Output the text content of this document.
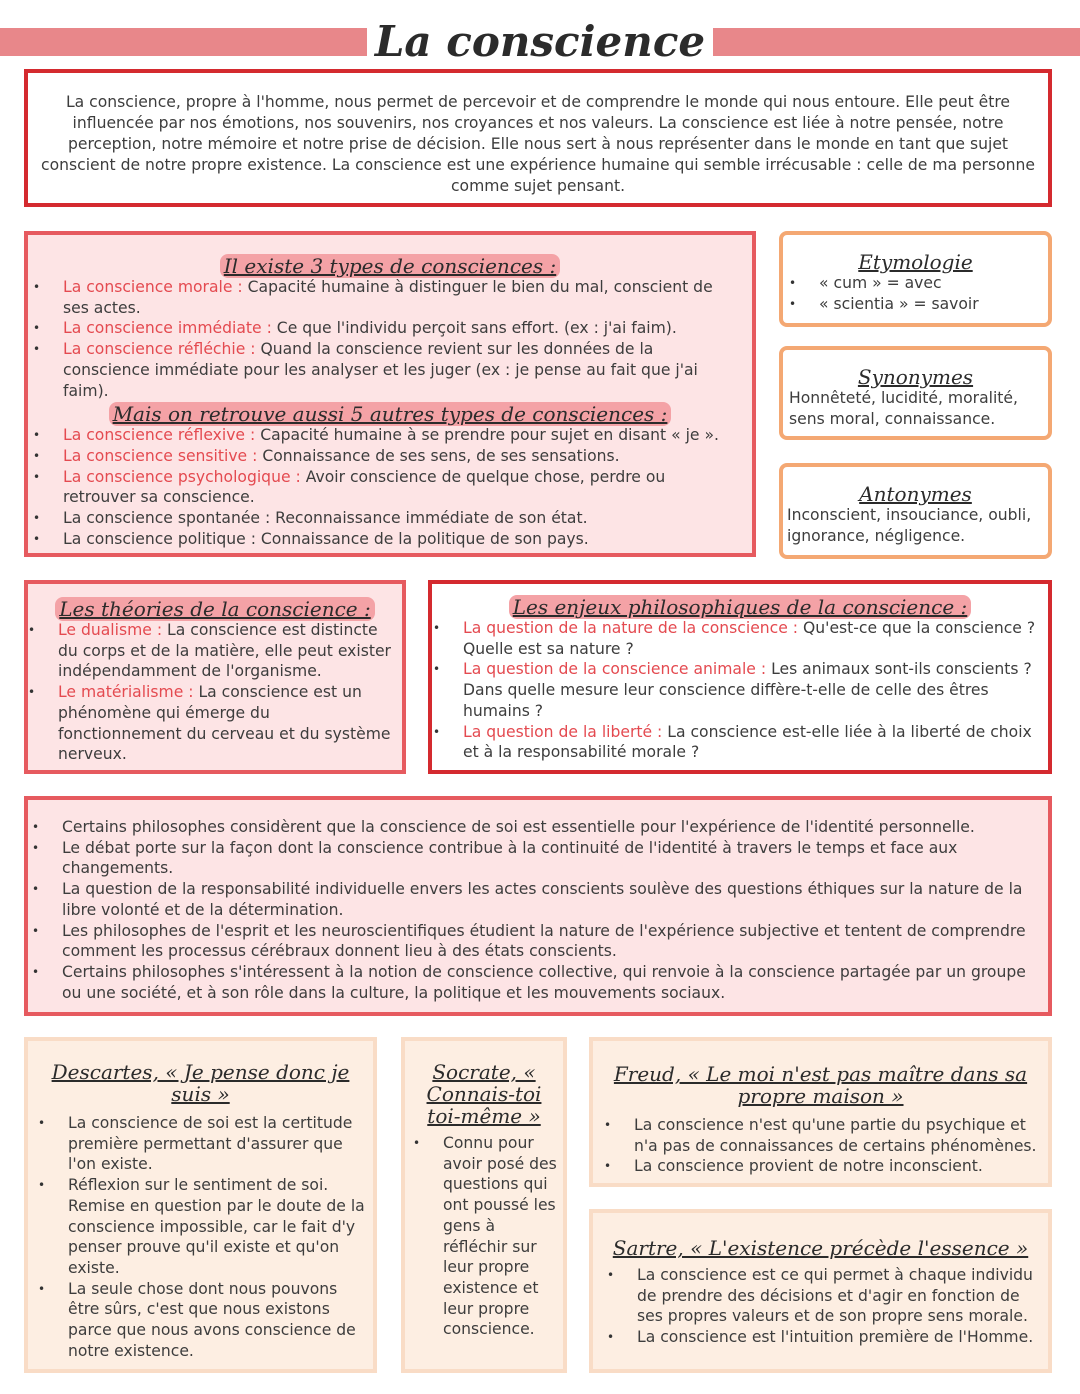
La conscience
La conscience, propre à l'homme, nous permet de percevoir et de comprendre le monde qui nous entoure. Elle peut être influencée par nos émotions, nos souvenirs, nos croyances et nos valeurs. La conscience est liée à notre pensée, notre perception, notre mémoire et notre prise de décision. Elle nous sert à nous représenter dans le monde en tant que sujet conscient de notre propre existence. La conscience est une expérience humaine qui semble irrécusable : celle de ma personne comme sujet pensant.
Il existe 3 types de consciences :
• La conscience morale : Capacité humaine à distinguer le bien du mal, conscient de ses actes.
• La conscience immédiate : Ce que l'individu perçoit sans effort. (ex : j'ai faim).
• La conscience réfléchie : Quand la conscience revient sur les données de la conscience immédiate pour les analyser et les juger (ex : je pense au fait que j'ai faim).
Mais on retrouve aussi 5 autres types de consciences :
• La conscience réflexive : Capacité humaine à se prendre pour sujet en disant « je ».
• La conscience sensitive : Connaissance de ses sens, de ses sensations.
• La conscience psychologique : Avoir conscience de quelque chose, perdre ou retrouver sa conscience.
• La conscience spontanée : Reconnaissance immédiate de son état.
• La conscience politique : Connaissance de la politique de son pays.
Etymologie
• « cum » = avec
• « scientia » = savoir
Synonymes
Honnêteté, lucidité, moralité, sens moral, connaissance.
Antonymes
Inconscient, insouciance, oubli, ignorance, négligence.
Les théories de la conscience :
• Le dualisme : La conscience est distincte du corps et de la matière, elle peut exister indépendamment de l'organisme.
• Le matérialisme : La conscience est un phénomène qui émerge du fonctionnement du cerveau et du système nerveux.
Les enjeux philosophiques de la conscience :
• La question de la nature de la conscience : Qu'est-ce que la conscience ? Quelle est sa nature ?
• La question de la conscience animale : Les animaux sont-ils conscients ? Dans quelle mesure leur conscience diffère-t-elle de celle des êtres humains ?
• La question de la liberté : La conscience est-elle liée à la liberté de choix et à la responsabilité morale ?
• Certains philosophes considèrent que la conscience de soi est essentielle pour l'expérience de l'identité personnelle.
• Le débat porte sur la façon dont la conscience contribue à la continuité de l'identité à travers le temps et face aux changements.
• La question de la responsabilité individuelle envers les actes conscients soulève des questions éthiques sur la nature de la libre volonté et de la détermination.
• Les philosophes de l'esprit et les neuroscientifiques étudient la nature de l'expérience subjective et tentent de comprendre comment les processus cérébraux donnent lieu à des états conscients.
• Certains philosophes s'intéressent à la notion de conscience collective, qui renvoie à la conscience partagée par un groupe ou une société, et à son rôle dans la culture, la politique et les mouvements sociaux.
Descartes, « Je pense donc je suis »
• La conscience de soi est la certitude première permettant d'assurer que l'on existe.
• Réflexion sur le sentiment de soi. Remise en question par le doute de la conscience impossible, car le fait d'y penser prouve qu'il existe et qu'on existe.
• La seule chose dont nous pouvons être sûrs, c'est que nous existons parce que nous avons conscience de notre existence.
Socrate, « Connais-toi toi-même »
• Connu pour avoir posé des questions qui ont poussé les gens à réfléchir sur leur propre existence et leur propre conscience.
Freud, « Le moi n'est pas maître dans sa propre maison »
• La conscience n'est qu'une partie du psychique et n'a pas de connaissances de certains phénomènes.
• La conscience provient de notre inconscient.
Sartre, « L'existence précède l'essence »
• La conscience est ce qui permet à chaque individu de prendre des décisions et d'agir en fonction de ses propres valeurs et de son propre sens morale.
• La conscience est l'intuition première de l'Homme.
